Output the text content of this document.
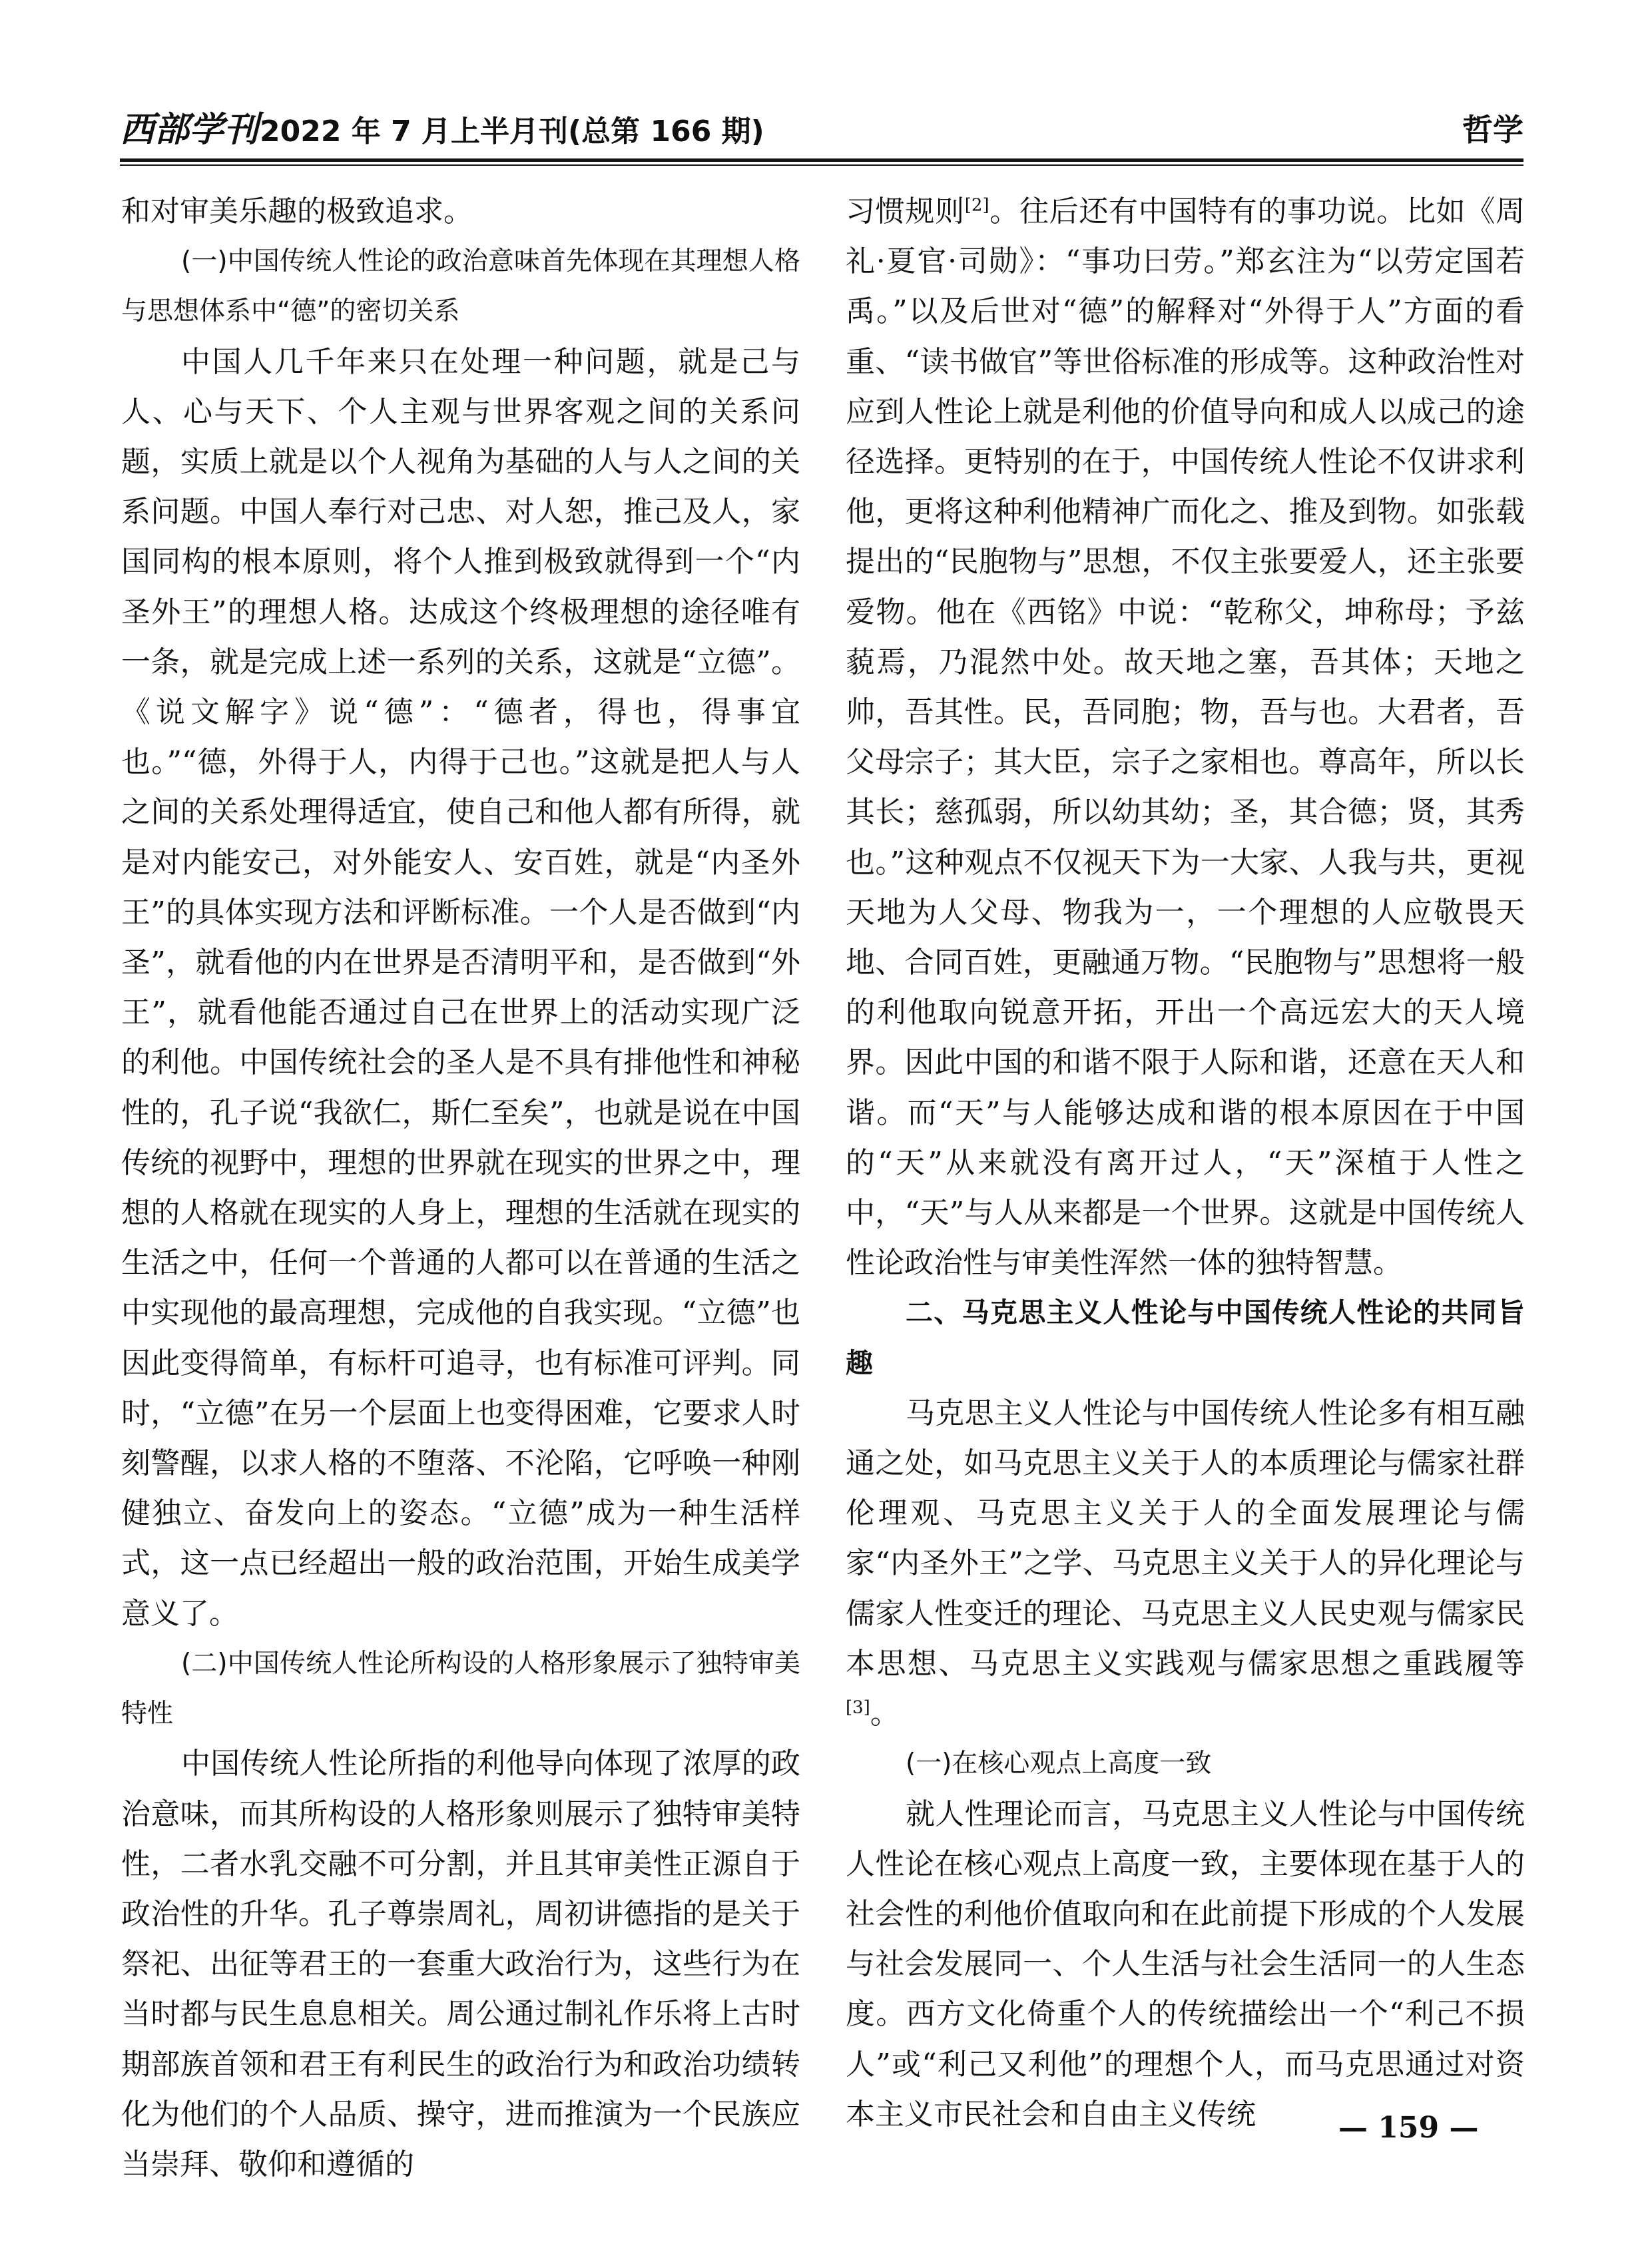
西部学刊2022 年 7 月上半月刊(总第 166 期)	哲学

和对审美乐趣的极致追求。

(一)中国传统人性论的政治意味首先体现在其理想人格与思想体系中“德”的密切关系

中国人几千年来只在处理一种问题，就是己与人、心与天下、个人主观与世界客观之间的关系问题，实质上就是以个人视角为基础的人与人之间的关系问题。中国人奉行对己忠、对人恕，推己及人，家国同构的根本原则，将个人推到极致就得到一个“内圣外王”的理想人格。达成这个终极理想的途径唯有一条，就是完成上述一系列的关系，这就是“立德”。《说文解字》说“德”：“德者，得也，得事宜也。”“德，外得于人，内得于己也。”这就是把人与人之间的关系处理得适宜，使自己和他人都有所得，就是对内能安己，对外能安人、安百姓，就是“内圣外王”的具体实现方法和评断标准。一个人是否做到“内圣”，就看他的内在世界是否清明平和，是否做到“外王”，就看他能否通过自己在世界上的活动实现广泛的利他。中国传统社会的圣人是不具有排他性和神秘性的，孔子说“我欲仁，斯仁至矣”，也就是说在中国传统的视野中，理想的世界就在现实的世界之中，理想的人格就在现实的人身上，理想的生活就在现实的生活之中，任何一个普通的人都可以在普通的生活之中实现他的最高理想，完成他的自我实现。“立德”也因此变得简单，有标杆可追寻，也有标准可评判。同时，“立德”在另一个层面上也变得困难，它要求人时刻警醒，以求人格的不堕落、不沦陷，它呼唤一种刚健独立、奋发向上的姿态。“立德”成为一种生活样式，这一点已经超出一般的政治范围，开始生成美学意义了。

(二)中国传统人性论所构设的人格形象展示了独特审美特性

中国传统人性论所指的利他导向体现了浓厚的政治意味，而其所构设的人格形象则展示了独特审美特性，二者水乳交融不可分割，并且其审美性正源自于政治性的升华。孔子尊崇周礼，周初讲德指的是关于祭祀、出征等君王的一套重大政治行为，这些行为在当时都与民生息息相关。周公通过制礼作乐将上古时期部族首领和君王有利民生的政治行为和政治功绩转化为他们的个人品质、操守，进而推演为一个民族应当崇拜、敬仰和遵循的

习惯规则[2]。往后还有中国特有的事功说。比如《周礼·夏官·司勋》：“事功曰劳。”郑玄注为“以劳定国若禹。”以及后世对“德”的解释对“外得于人”方面的看重、“读书做官”等世俗标准的形成等。这种政治性对应到人性论上就是利他的价值导向和成人以成己的途径选择。更特别的在于，中国传统人性论不仅讲求利他，更将这种利他精神广而化之、推及到物。如张载提出的“民胞物与”思想，不仅主张要爱人，还主张要爱物。他在《西铭》中说：“乾称父，坤称母；予兹藐焉，乃混然中处。故天地之塞，吾其体；天地之帅，吾其性。民，吾同胞；物，吾与也。大君者，吾父母宗子；其大臣，宗子之家相也。尊高年，所以长其长；慈孤弱，所以幼其幼；圣，其合德；贤，其秀也。”这种观点不仅视天下为一大家、人我与共，更视天地为人父母、物我为一，一个理想的人应敬畏天地、合同百姓，更融通万物。“民胞物与”思想将一般的利他取向锐意开拓，开出一个高远宏大的天人境界。因此中国的和谐不限于人际和谐，还意在天人和谐。而“天”与人能够达成和谐的根本原因在于中国的“天”从来就没有离开过人，“天”深植于人性之中，“天”与人从来都是一个世界。这就是中国传统人性论政治性与审美性浑然一体的独特智慧。

二、马克思主义人性论与中国传统人性论的共同旨趣

马克思主义人性论与中国传统人性论多有相互融通之处，如马克思主义关于人的本质理论与儒家社群伦理观、马克思主义关于人的全面发展理论与儒家“内圣外王”之学、马克思主义关于人的异化理论与儒家人性变迁的理论、马克思主义人民史观与儒家民本思想、马克思主义实践观与儒家思想之重践履等[3]。

(一)在核心观点上高度一致

就人性理论而言，马克思主义人性论与中国传统人性论在核心观点上高度一致，主要体现在基于人的社会性的利他价值取向和在此前提下形成的个人发展与社会发展同一、个人生活与社会生活同一的人生态度。西方文化倚重个人的传统描绘出一个“利己不损人”或“利己又利他”的理想个人，而马克思通过对资本主义市民社会和自由主义传统	— 159 —
